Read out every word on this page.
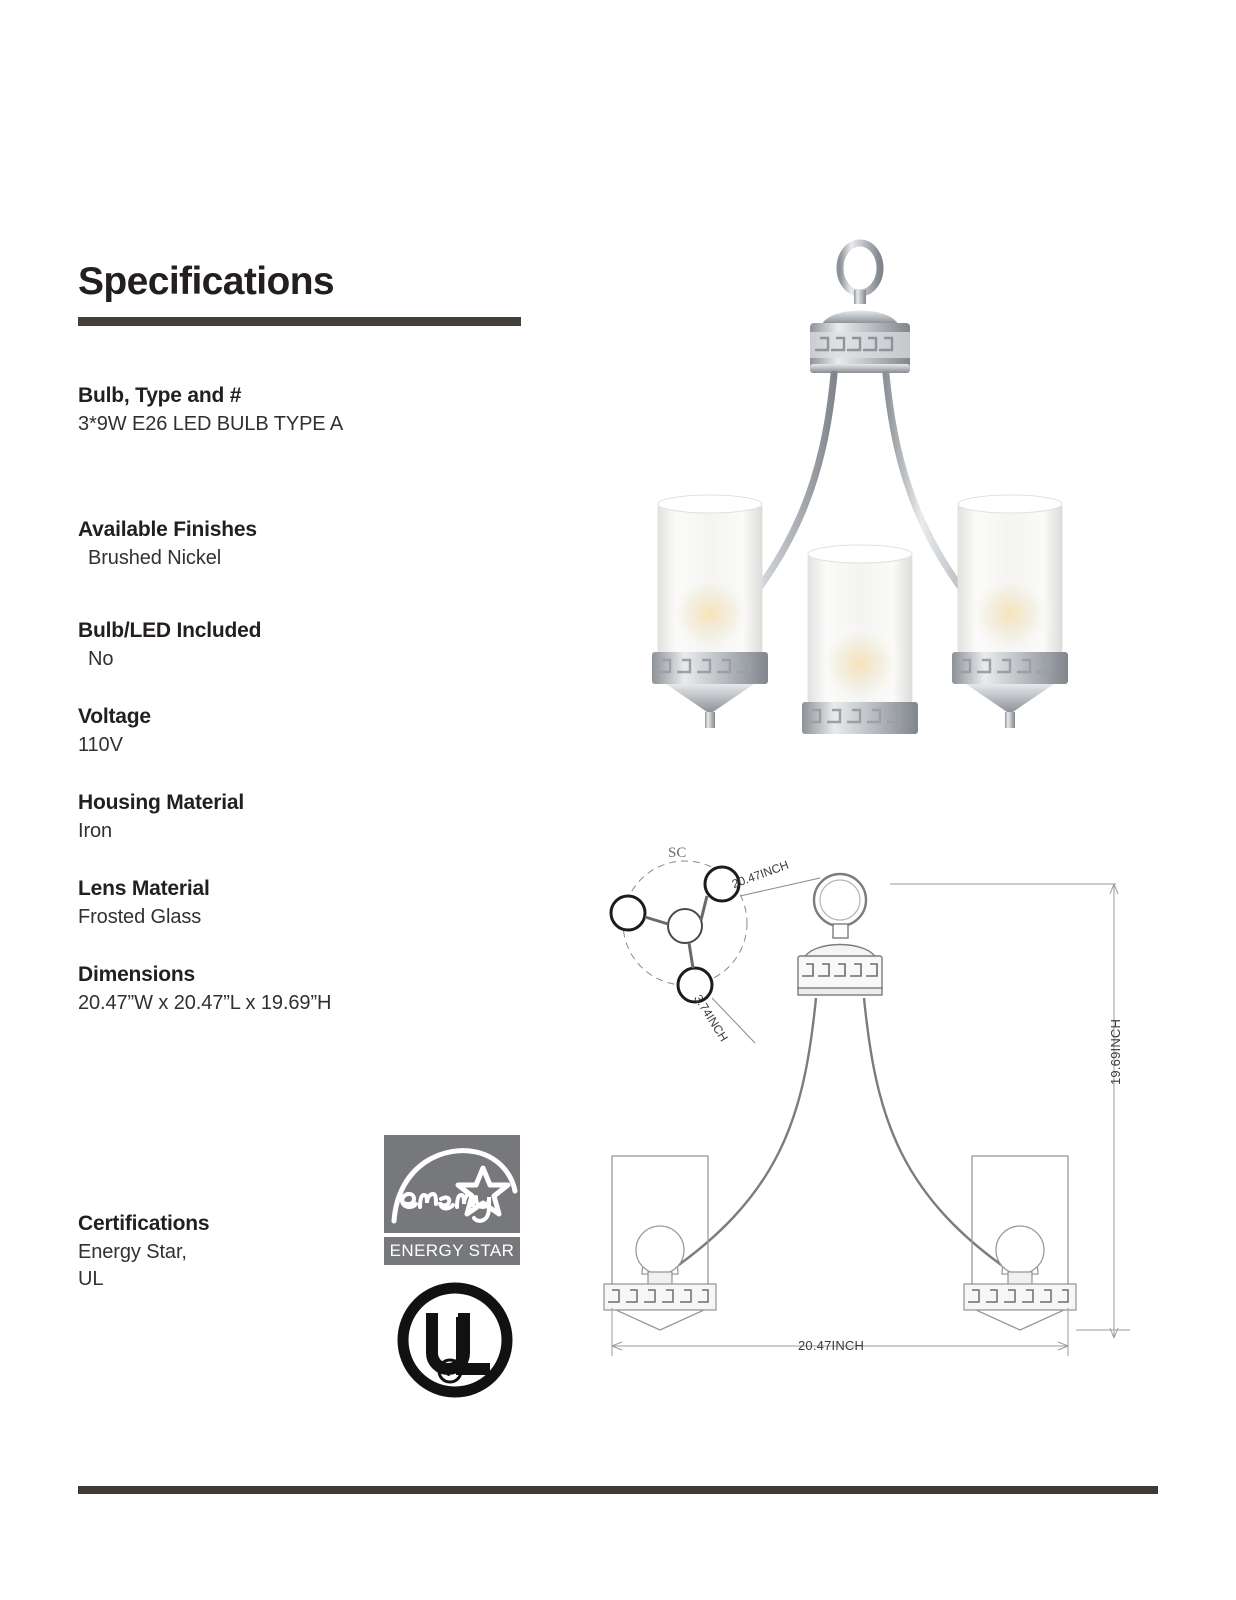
Specifications
Bulb, Type and #
3*9W E26 LED BULB TYPE A
Available Finishes
Brushed Nickel
Bulb/LED Included
No
Voltage
110V
Housing Material
Iron
Lens Material
Frosted Glass
Dimensions
20.47”W x 20.47”L x 19.69”H
Certifications
Energy Star,
UL
ENERGY STAR
F
SC
20.47INCH
3.74INCH
20.47INCH
19.69INCH
